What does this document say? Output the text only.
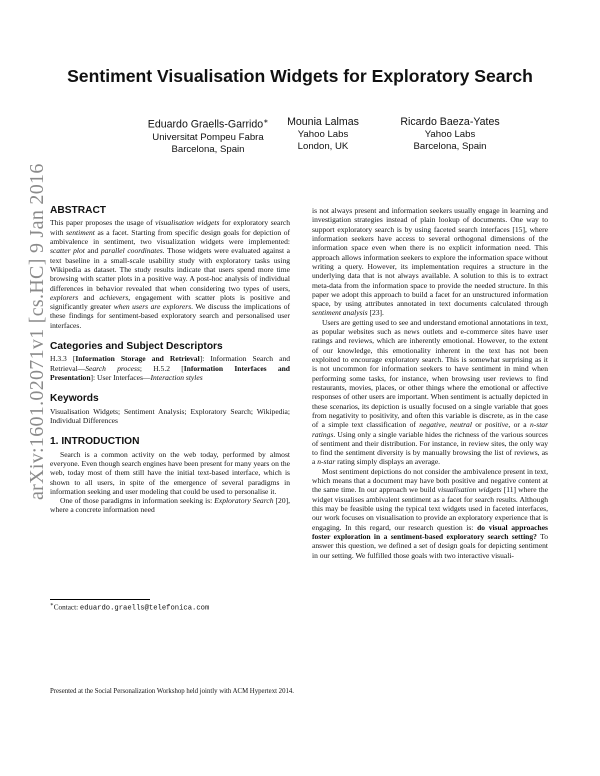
arXiv:1601.02071v1 [cs.HC] 9 Jan 2016
Sentiment Visualisation Widgets for Exploratory Search
Eduardo Graells-Garrido∗
Universitat Pompeu Fabra
Barcelona, Spain
Mounia Lalmas
Yahoo Labs
London, UK
Ricardo Baeza-Yates
Yahoo Labs
Barcelona, Spain
ABSTRACT

This paper proposes the usage of visualisation widgets for exploratory search with sentiment as a facet. Starting from specific design goals for depiction of ambivalence in sentiment, two visualization widgets were implemented: scatter plot and parallel coordinates. Those widgets were evaluated against a text baseline in a small-scale usability study with exploratory tasks using Wikipedia as dataset. The study results indicate that users spend more time browsing with scatter plots in a positive way. A post-hoc analysis of individual differences in behavior revealed that when considering two types of users, explorers and achievers, engagement with scatter plots is positive and significantly greater when users are explorers. We discuss the implications of these findings for sentiment-based exploratory search and personalised user interfaces.

Categories and Subject Descriptors

H.3.3 [Information Storage and Retrieval]: Information Search and Retrieval—Search process; H.5.2 [Information Interfaces and Presentation]: User Interfaces—Interaction styles

Keywords

Visualisation Widgets; Sentiment Analysis; Exploratory Search; Wikipedia; Individual Differences

1. INTRODUCTION

Search is a common activity on the web today, performed by almost everyone. Even though search engines have been present for many years on the web, today most of them still have the initial text-based interface, which is shown to all users, in spite of the emergence of several paradigms in information seeking and user modeling that could be used to personalise it.

One of those paradigms in information seeking is: Exploratory Search [20], where a concrete information need

∗Contact: eduardo.graells@telefonica.com
Presented at the Social Personalization Workshop held jointly with ACM Hypertext 2014.

is not always present and information seekers usually engage in learning and investigation strategies instead of plain lookup of documents. One way to support exploratory search is by using faceted search interfaces [15], where information seekers have access to several orthogonal dimensions of the information space even when there is no explicit information need. This approach allows information seekers to explore the information space without writing a query. However, its implementation requires a structure in the underlying data that is not always available. A solution to this is to extract meta-data from the information space to provide the needed structure. In this paper we adopt this approach to build a facet for an unstructured information space, by using attributes annotated in text documents calculated through sentiment analysis [23].

Users are getting used to see and understand emotional annotations in text, as popular websites such as news outlets and e-commerce sites have user ratings and reviews, which are inherently emotional. However, to the extent of our knowledge, this emotionality inherent in the text has not been exploited to encourage exploratory search. This is somewhat surprising as it is not uncommon for information seekers to have sentiment in mind when performing some tasks, for instance, when browsing user reviews to find restaurants, movies, places, or other things where the emotional or affective responses of other users are important. When sentiment is actually depicted in these scenarios, its depiction is usually focused on a single variable that goes from negativity to positivity, and often this variable is discrete, as in the case of a simple text classification of negative, neutral or positive, or a n-star ratings. Using only a single variable hides the richness of the various sources of sentiment and their distribution. For instance, in review sites, the only way to find the sentiment diversity is by manually browsing the list of reviews, as a n-star rating simply displays an average.

Most sentiment depictions do not consider the ambivalence present in text, which means that a document may have both positive and negative content at the same time. In our approach we build visualisation widgets [11] where the widget visualises ambivalent sentiment as a facet for search results. Although this may be feasible using the typical text widgets used in faceted interfaces, our work focuses on visualisation to provide an exploratory experience that is engaging. In this regard, our research question is: do visual approaches foster exploration in a sentiment-based exploratory search setting? To answer this question, we defined a set of design goals for depicting sentiment in our setting. We fulfilled those goals with two interactive visuali-
